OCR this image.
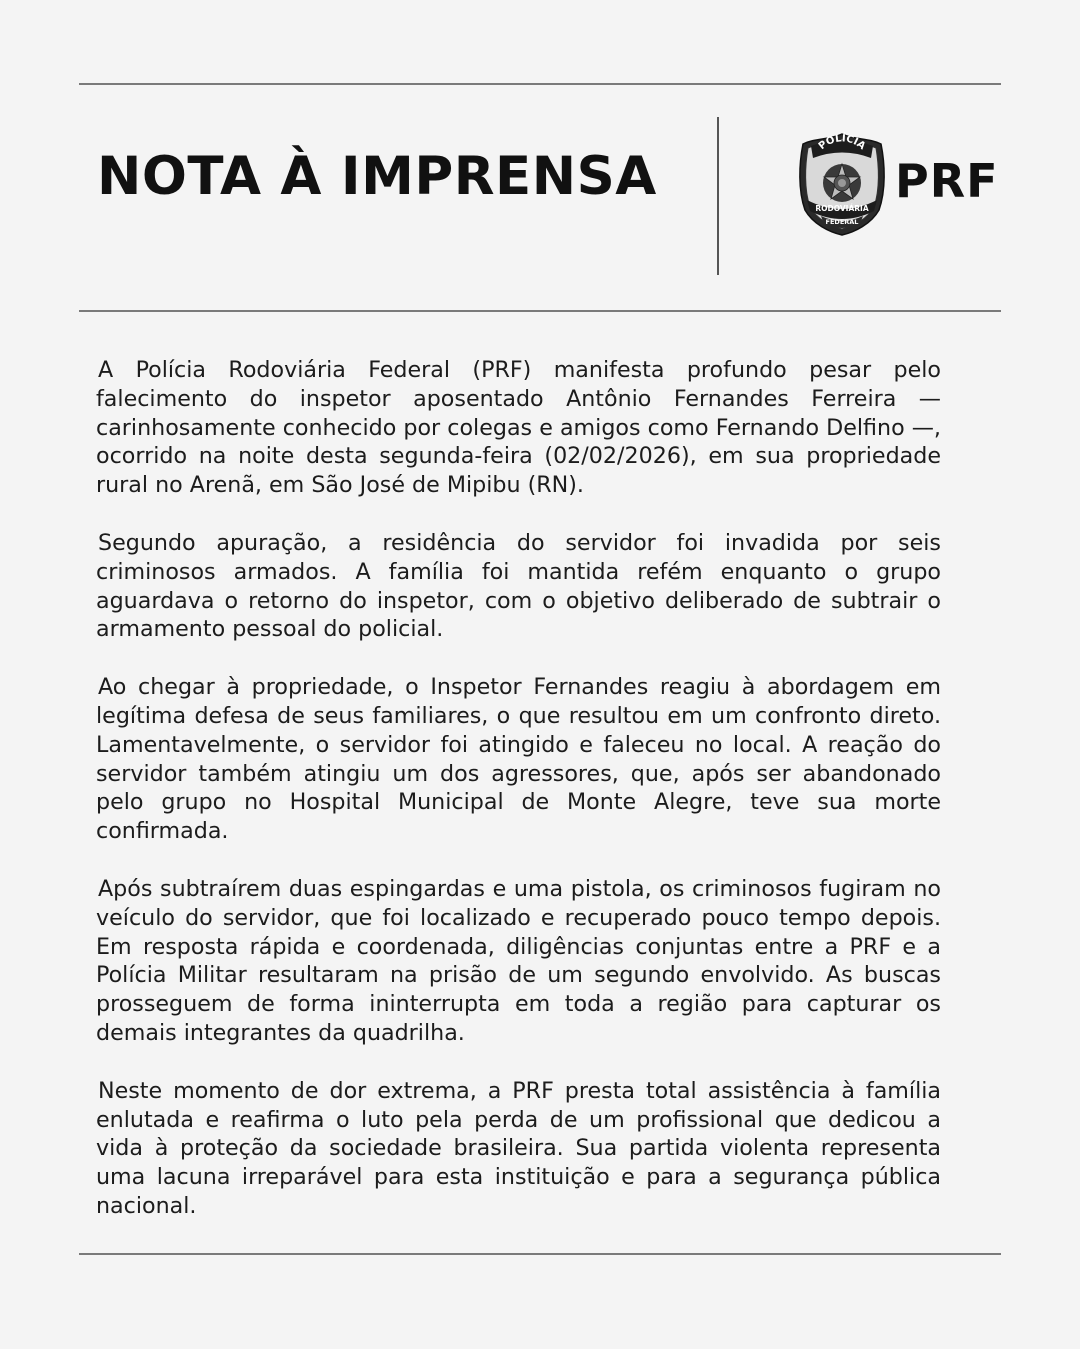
NOTA À IMPRENSA
POLÍCIA
RODOVIÁRIA
FEDERAL
PRF

A Polícia Rodoviária Federal (PRF) manifesta profundo pesar pelo falecimento do inspetor aposentado Antônio Fernandes Ferreira — carinhosamente conhecido por colegas e amigos como Fernando Delfino —, ocorrido na noite desta segunda-feira (02/02/2026), em sua propriedade rural no Arenã, em São José de Mipibu (RN).

Segundo apuração, a residência do servidor foi invadida por seis criminosos armados. A família foi mantida refém enquanto o grupo aguardava o retorno do inspetor, com o objetivo deliberado de subtrair o armamento pessoal do policial.

Ao chegar à propriedade, o Inspetor Fernandes reagiu à abordagem em legítima defesa de seus familiares, o que resultou em um confronto direto. Lamentavelmente, o servidor foi atingido e faleceu no local. A reação do servidor também atingiu um dos agressores, que, após ser abandonado pelo grupo no Hospital Municipal de Monte Alegre, teve sua morte confirmada.

Após subtraírem duas espingardas e uma pistola, os criminosos fugiram no veículo do servidor, que foi localizado e recuperado pouco tempo depois. Em resposta rápida e coordenada, diligências conjuntas entre a PRF e a Polícia Militar resultaram na prisão de um segundo envolvido. As buscas prosseguem de forma ininterrupta em toda a região para capturar os demais integrantes da quadrilha.

Neste momento de dor extrema, a PRF presta total assistência à família enlutada e reafirma o luto pela perda de um profissional que dedicou a vida à proteção da sociedade brasileira. Sua partida violenta representa uma lacuna irreparável para esta instituição e para a segurança pública nacional.
